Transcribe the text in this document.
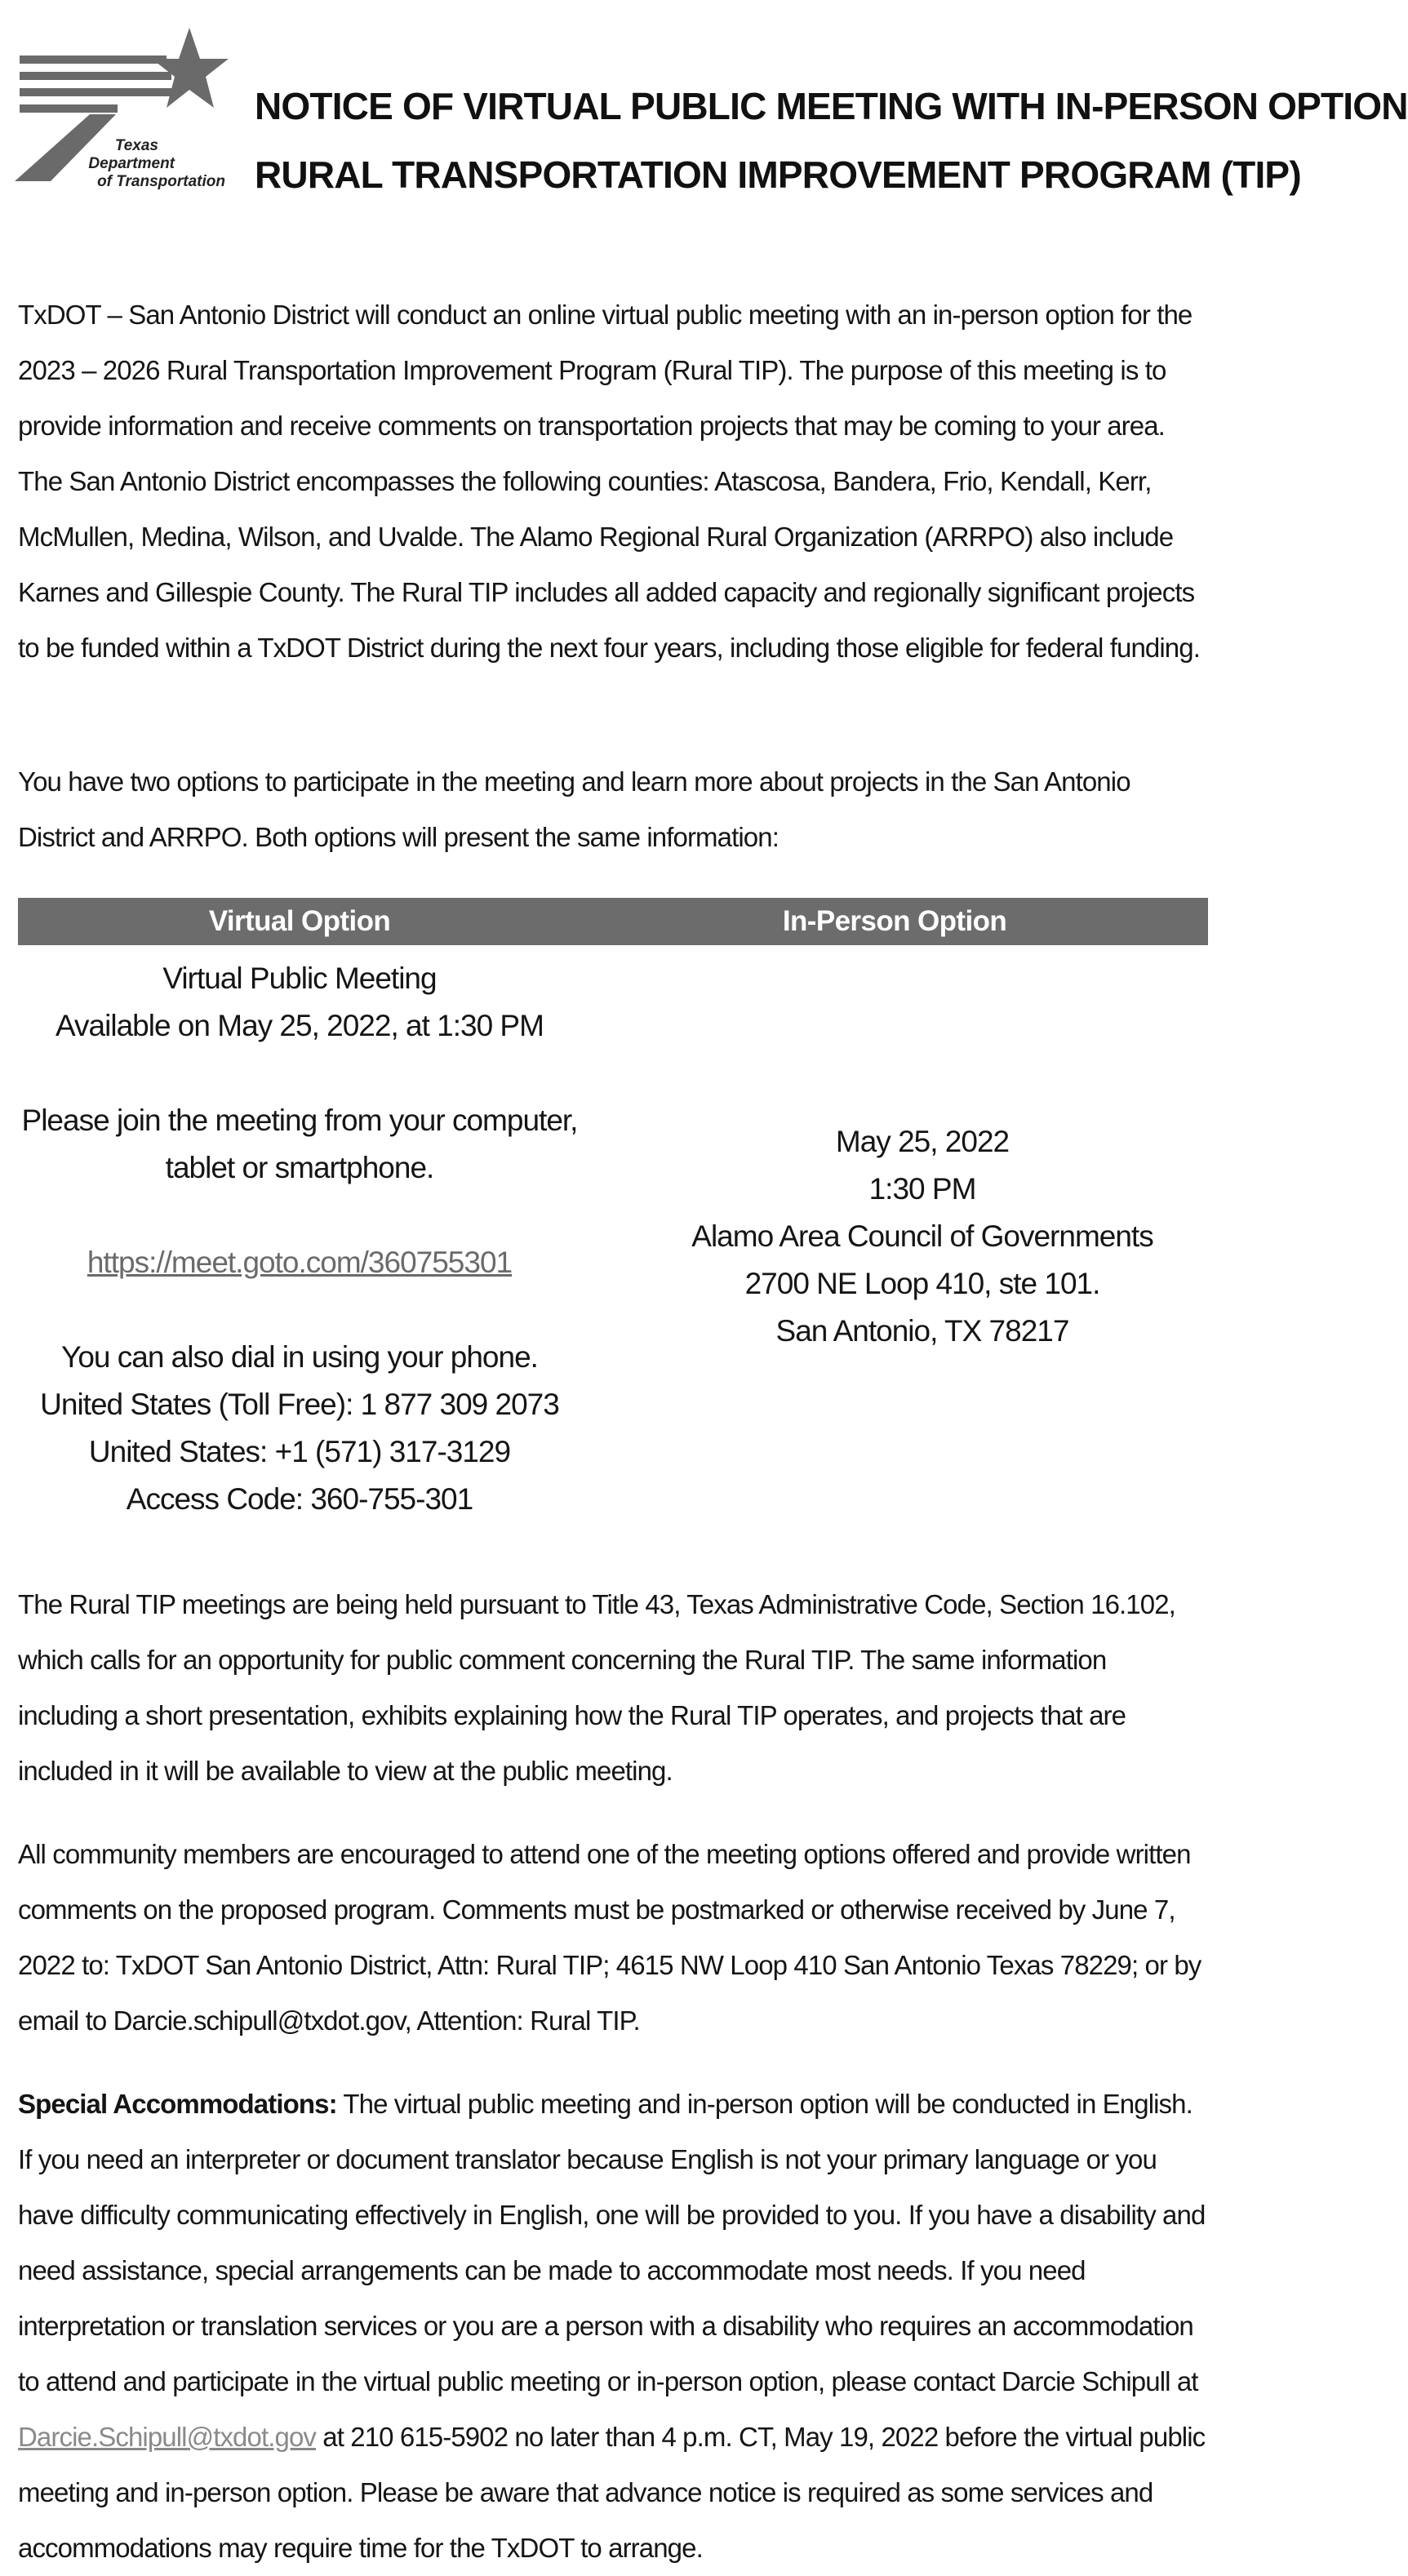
Texas
Department
of Transportation
NOTICE OF VIRTUAL PUBLIC MEETING WITH IN-PERSON OPTION
RURAL TRANSPORTATION IMPROVEMENT PROGRAM (TIP)
TxDOT – San Antonio District will conduct an online virtual public meeting with an in-person option for the 2023 – 2026 Rural Transportation Improvement Program (Rural TIP). The purpose of this meeting is to provide information and receive comments on transportation projects that may be coming to your area. The San Antonio District encompasses the following counties: Atascosa, Bandera, Frio, Kendall, Kerr, McMullen, Medina, Wilson, and Uvalde. The Alamo Regional Rural Organization (ARRPO) also include Karnes and Gillespie County. The Rural TIP includes all added capacity and regionally significant projects to be funded within a TxDOT District during the next four years, including those eligible for federal funding.
You have two options to participate in the meeting and learn more about projects in the San Antonio District and ARRPO. Both options will present the same information:
Virtual Option	In-Person Option
Virtual Public Meeting
Available on May 25, 2022, at 1:30 PM
Please join the meeting from your computer,
tablet or smartphone.
https://meet.goto.com/360755301
You can also dial in using your phone.
United States (Toll Free): 1 877 309 2073
United States: +1 (571) 317-3129
Access Code: 360-755-301
May 25, 2022
1:30 PM
Alamo Area Council of Governments
2700 NE Loop 410, ste 101.
San Antonio, TX 78217
The Rural TIP meetings are being held pursuant to Title 43, Texas Administrative Code, Section 16.102, which calls for an opportunity for public comment concerning the Rural TIP. The same information including a short presentation, exhibits explaining how the Rural TIP operates, and projects that are included in it will be available to view at the public meeting.
All community members are encouraged to attend one of the meeting options offered and provide written comments on the proposed program. Comments must be postmarked or otherwise received by June 7, 2022 to: TxDOT San Antonio District, Attn: Rural TIP; 4615 NW Loop 410 San Antonio Texas 78229; or by email to Darcie.schipull@txdot.gov, Attention: Rural TIP.
Special Accommodations: The virtual public meeting and in-person option will be conducted in English. If you need an interpreter or document translator because English is not your primary language or you have difficulty communicating effectively in English, one will be provided to you. If you have a disability and need assistance, special arrangements can be made to accommodate most needs. If you need interpretation or translation services or you are a person with a disability who requires an accommodation to attend and participate in the virtual public meeting or in-person option, please contact Darcie Schipull at Darcie.Schipull@txdot.gov at 210 615-5902 no later than 4 p.m. CT, May 19, 2022 before the virtual public meeting and in-person option. Please be aware that advance notice is required as some services and accommodations may require time for the TxDOT to arrange.
